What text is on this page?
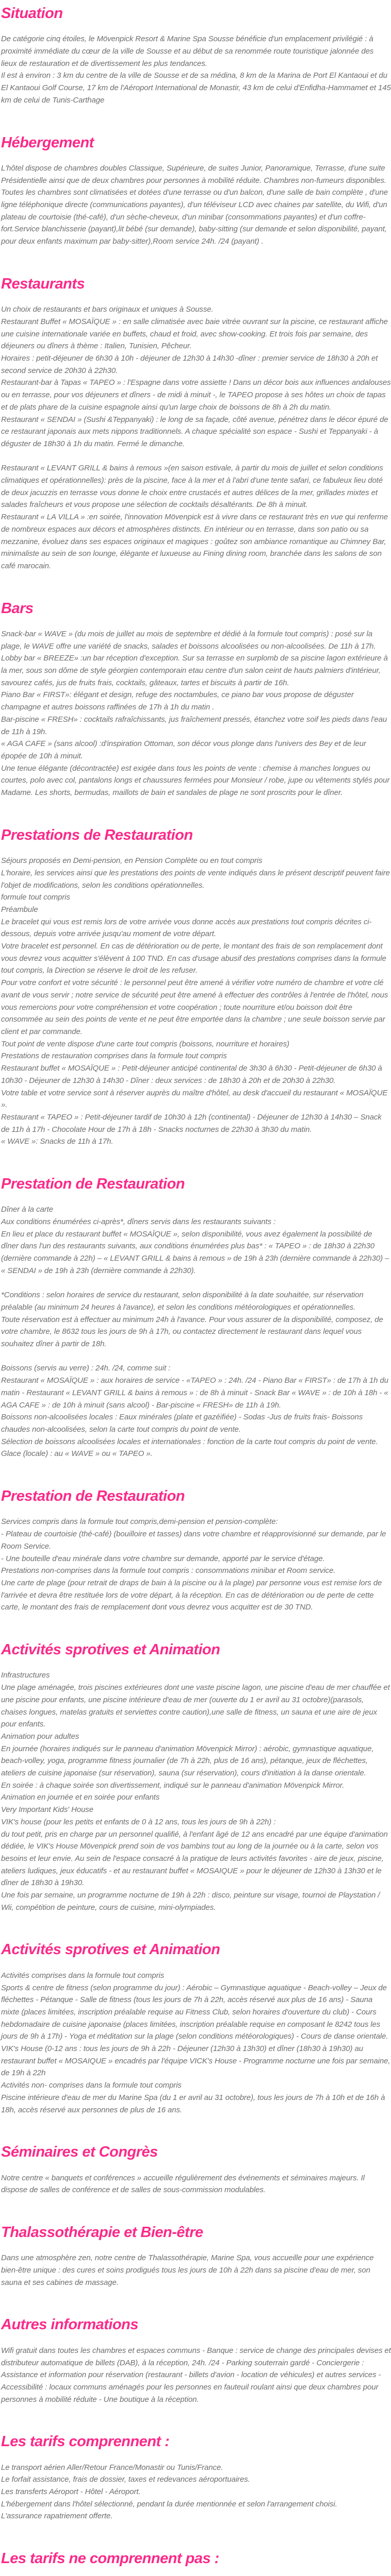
Situation

De catégorie cinq étoiles, le Mövenpick Resort & Marine Spa Sousse bénéficie d'un emplacement privilégié : à proximité immédiate du cœur de la ville de Sousse et au début de sa renommée route touristique jalonnée des lieux de restauration et de divertissement les plus tendances.

Il est à environ : 3 km du centre de la ville de Sousse et de sa médina, 8 km de la Marina de Port El Kantaoui et du El Kantaoui Golf Course, 17 km de l'Aéroport International de Monastir, 43 km de celui d'Enfidha-Hammamet et 145 km de celui de Tunis-Carthage

Hébergement

L'hôtel dispose de chambres doubles Classique, Supérieure, de suites Junior, Panoramique, Terrasse, d'une suite Présidentielle ainsi que de deux chambres pour personnes à mobilité réduite. Chambres non-fumeurs disponibles. Toutes les chambres sont climatisées et dotées d'une terrasse ou d'un balcon, d'une salle de bain complète , d'une ligne téléphonique directe (communications payantes), d'un téléviseur LCD avec chaines par satellite, du Wifi, d'un plateau de courtoisie (thé-café), d'un sèche-cheveux, d'un minibar (consommations payantes) et d'un coffre-fort.Service blanchisserie (payant),lit bébé (sur demande), baby-sitting (sur demande et selon disponibilité, payant, pour deux enfants maximum par baby-sitter),Room service 24h. /24 (payant) .

Restaurants

Un choix de restaurants et bars originaux et uniques à Sousse.

Restaurant Buffet « MOSAÏQUE » : en salle climatisée avec baie vitrée ouvrant sur la piscine, ce restaurant affiche une cuisine internationale variée en buffets, chaud et froid, avec show-cooking. Et trois fois par semaine, des déjeuners ou dîners à thème : Italien, Tunisien, Pêcheur.

Horaires : petit-déjeuner de 6h30 à 10h - déjeuner de 12h30 à 14h30 -dîner : premier service de 18h30 à 20h et second service de 20h30 à 22h30.

Restaurant-bar à Tapas « TAPEO » : l'Espagne dans votre assiette ! Dans un décor bois aux influences andalouses ou en terrasse, pour vos déjeuners et dîners - de midi à minuit -, le TAPEO propose à ses hôtes un choix de tapas et de plats phare de la cuisine espagnole ainsi qu'un large choix de boissons de 8h à 2h du matin.

Restaurant « SENDAI » (Sushi &Teppanyaki) : le long de sa façade, côté avenue, pénétrez dans le décor épuré de ce restaurant japonais aux mets nippons traditionnels. A chaque spécialité son espace - Sushi et Teppanyaki - à déguster de 18h30 à 1h du matin. Fermé le dimanche.

Restaurant « LEVANT GRILL & bains à remous »(en saison estivale, à partir du mois de juillet et selon conditions climatiques et opérationnelles): près de la piscine, face à la mer et à l'abri d'une tente safari, ce fabuleux lieu doté de deux jacuzzis en terrasse vous donne le choix entre crustacés et autres délices de la mer, grillades mixtes et salades fraîcheurs et vous propose une sélection de cocktails désaltérants. De 8h à minuit.

Restaurant « LA VILLA » :en soirée, l'innovation Mövenpick est à vivre dans ce restaurant très en vue qui renferme de nombreux espaces aux décors et atmosphères distincts. En intérieur ou en terrasse, dans son patio ou sa mezzanine, évoluez dans ses espaces originaux et magiques : goûtez son ambiance romantique au Chimney Bar, minimaliste au sein de son lounge, élégante et luxueuse au Fining dining room, branchée dans les salons de son café marocain.

Bars

Snack-bar « WAVE » (du mois de juillet au mois de septembre et dédié à la formule tout compris) : posé sur la plage, le WAVE offre une variété de snacks, salades et boissons alcoolisées ou non-alcoolisées. De 11h à 17h.

Lobby bar « BREEZE» :un bar réception d'exception. Sur sa terrasse en surplomb de sa piscine lagon extérieure à la mer, sous son dôme de style géorgien contemporain etau centre d'un salon ceint de hauts palmiers d'intérieur, savourez cafés, jus de fruits frais, cocktails, gâteaux, tartes et biscuits à partir de 16h.

Piano Bar « FIRST»: élégant et design, refuge des noctambules, ce piano bar vous propose de déguster champagne et autres boissons raffinées de 17h à 1h du matin .

Bar-piscine « FRESH» : cocktails rafraîchissants, jus fraîchement pressés, étanchez votre soif les pieds dans l'eau de 11h à 19h.

« AGA CAFE » (sans alcool) :d'inspiration Ottoman, son décor vous plonge dans l'univers des Bey et de leur épopée de 10h à minuit.

Une tenue élégante (décontractée) est exigée dans tous les points de vente : chemise à manches longues ou courtes, polo avec col, pantalons longs et chaussures fermées pour Monsieur / robe, jupe ou vêtements stylés pour Madame. Les shorts, bermudas, maillots de bain et sandales de plage ne sont proscrits pour le dîner.

Prestations de Restauration

Séjours proposés en Demi-pension, en Pension Complète ou en tout compris

L'horaire, les services ainsi que les prestations des points de vente indiqués dans le présent descriptif peuvent faire l'objet de modifications, selon les conditions opérationnelles.

formule tout compris

Préambule

Le bracelet qui vous est remis lors de votre arrivée vous donne accès aux prestations tout compris décrites ci-dessous, depuis votre arrivée jusqu'au moment de votre départ.

Votre bracelet est personnel. En cas de détérioration ou de perte, le montant des frais de son remplacement dont vous devrez vous acquitter s'élèvent à 100 TND. En cas d'usage abusif des prestations comprises dans la formule tout compris, la Direction se réserve le droit de les refuser.

Pour votre confort et votre sécurité : le personnel peut être amené à vérifier votre numéro de chambre et votre clé avant de vous servir ; notre service de sécurité peut être amené à effectuer des contrôles à l'entrée de l'hôtel, nous vous remercions pour votre compréhension et votre coopération ; toute nourriture et/ou boisson doit être consommée au sein des points de vente et ne peut être emportée dans la chambre ; une seule boisson servie par client et par commande.

Tout point de vente dispose d'une carte tout compris (boissons, nourriture et horaires)

Prestations de restauration comprises dans la formule tout compris

Restaurant buffet « MOSAÏQUE » : Petit-déjeuner anticipé continental de 3h30 à 6h30 - Petit-déjeuner de 6h30 à 10h30 - Déjeuner de 12h30 à 14h30 - Dîner : deux services : de 18h30 à 20h et de 20h30 à 22h30.

Votre table et votre service sont à réserver auprès du maître d'hôtel, au desk d'accueil du restaurant « MOSAÏQUE ».

Restaurant « TAPEO » : Petit-déjeuner tardif de 10h30 à 12h (continental) - Déjeuner de 12h30 à 14h30 – Snack de 11h à 17h - Chocolate Hour de 17h à 18h - Snacks nocturnes de 22h30 à 3h30 du matin.

« WAVE »: Snacks de 11h à 17h.

Prestation de Restauration

Dîner à la carte

Aux conditions énumérées ci-après*, dîners servis dans les restaurants suivants :

En lieu et place du restaurant buffet « MOSAÏQUE », selon disponibilité, vous avez également la possibilité de dîner dans l'un des restaurants suivants, aux conditions énumérées plus bas* : « TAPEO » : de 18h30 à 22h30 (dernière commande à 22h) – « LEVANT GRILL & bains à remous » de 19h à 23h (dernière commande à 22h30) – « SENDAI » de 19h à 23h (dernière commande à 22h30).

*Conditions : selon horaires de service du restaurant, selon disponibilité à la date souhaitée, sur réservation préalable (au minimum 24 heures à l'avance), et selon les conditions météorologiques et opérationnelles.

Toute réservation est à effectuer au minimum 24h à l'avance. Pour vous assurer de la disponibilité, composez, de votre chambre, le 8632 tous les jours de 9h à 17h, ou contactez directement le restaurant dans lequel vous souhaitez dîner à partir de 18h.

Boissons (servis au verre) : 24h. /24, comme suit :

Restaurant « MOSAÏQUE » : aux horaires de service - «TAPEO » : 24h. /24 - Piano Bar « FIRST» : de 17h à 1h du matin - Restaurant « LEVANT GRILL & bains à remous » : de 8h à minuit - Snack Bar « WAVE » : de 10h à 18h - « AGA CAFE » : de 10h à minuit (sans alcool) - Bar-piscine « FRESH» de 11h à 19h.

Boissons non-alcoolisées locales : Eaux minérales (plate et gazéifiée) - Sodas -Jus de fruits frais- Boissons chaudes non-alcoolisées, selon la carte tout compris du point de vente.

Sélection de boissons alcoolisées locales et internationales : fonction de la carte tout compris du point de vente.

Glace (locale) : au « WAVE » ou « TAPEO ».

Prestation de Restauration

Services compris dans la formule tout compris,demi-pension et pension-complète:

- Plateau de courtoisie (thé-café) (bouilloire et tasses) dans votre chambre et réapprovisionné sur demande, par le Room Service.

- Une bouteille d'eau minérale dans votre chambre sur demande, apporté par le service d'étage.

Prestations non-comprises dans la formule tout compris : consommations minibar et Room service.

Une carte de plage (pour retrait de draps de bain à la piscine ou à la plage) par personne vous est remise lors de l'arrivée et devra être restituée lors de votre départ, à la réception. En cas de détérioration ou de perte de cette carte, le montant des frais de remplacement dont vous devrez vous acquitter est de 30 TND.

Activités sprotives et Animation

Infrastructures

Une plage aménagée, trois piscines extérieures dont une vaste piscine lagon, une piscine d'eau de mer chauffée et une piscine pour enfants, une piscine intérieure d'eau de mer (ouverte du 1 er avril au 31 octobre)(parasols, chaises longues, matelas gratuits et serviettes contre caution),une salle de fitness, un sauna et une aire de jeux pour enfants.

Animation pour adultes

En journée (horaires indiqués sur le panneau d'animation Mövenpick Mirror) : aérobic, gymnastique aquatique, beach-volley, yoga, programme fitness journalier (de 7h à 22h, plus de 16 ans), pétanque, jeux de fléchettes, ateliers de cuisine japonaise (sur réservation), sauna (sur réservation), cours d'initiation à la danse orientale.

En soirée : à chaque soirée son divertissement, indiqué sur le panneau d'animation Mövenpick Mirror.

Animation en journée et en soirée pour enfants

Very Important Kids' House

VIK's house (pour les petits et enfants de 0 à 12 ans, tous les jours de 9h à 22h) :

du tout petit, pris en charge par un personnel qualifié, à l'enfant âgé de 12 ans encadré par une équipe d'animation dédiée, le VIK's House Mövenpick prend soin de vos bambins tout au long de la journée ou à la carte, selon vos besoins et leur envie. Au sein de l'espace consacré à la pratique de leurs activités favorites - aire de jeux, piscine, ateliers ludiques, jeux éducatifs - et au restaurant buffet « MOSAIQUE » pour le déjeuner de 12h30 à 13h30 et le dîner de 18h30 à 19h30.

Une fois par semaine, un programme nocturne de 19h à 22h : disco, peinture sur visage, tournoi de Playstation / Wii, compétition de peinture, cours de cuisine, mini-olympiades.

Activités sprotives et Animation

Activités comprises dans la formule tout compris

Sports & centre de fitness (selon programme du jour) : Aérobic – Gymnastique aquatique - Beach-volley – Jeux de fléchettes - Pétanque - Salle de fitness (tous les jours de 7h à 22h, accès réservé aux plus de 16 ans) - Sauna mixte (places limitées, inscription préalable requise au Fitness Club, selon horaires d'ouverture du club) - Cours hebdomadaire de cuisine japonaise (places limitées, inscription préalable requise en composant le 8242 tous les jours de 9h à 17h) - Yoga et méditation sur la plage (selon conditions météorologiques) - Cours de danse orientale.

VIK's House (0-12 ans : tous les jours de 9h à 22h - Déjeuner (12h30 à 13h30) et dîner (18h30 à 19h30) au restaurant buffet « MOSAIQUE » encadrés par l'équipe VICK's House - Programme nocturne une fois par semaine, de 19h à 22h

Activités non- comprises dans la formule tout compris

Piscine intérieure d'eau de mer du Marine Spa (du 1 er avril au 31 octobre), tous les jours de 7h à 10h et de 16h à 18h, accès réservé aux personnes de plus de 16 ans.

Séminaires et Congrès

Notre centre « banquets et conférences » accueille régulièrement des événements et séminaires majeurs. Il dispose de salles de conférence et de salles de sous-commission modulables.

Thalassothérapie et Bien-être

Dans une atmosphère zen, notre centre de Thalassothérapie, Marine Spa, vous accueille pour une expérience bien-être unique : des cures et soins prodigués tous les jours de 10h à 22h dans sa piscine d'eau de mer, son sauna et ses cabines de massage.

Autres informations

Wifi gratuit dans toutes les chambres et espaces communs - Banque : service de change des principales devises et distributeur automatique de billets (DAB), à la réception, 24h. /24 - Parking souterrain gardé - Conciergerie : Assistance et information pour réservation (restaurant - billets d'avion - location de véhicules) et autres services - Accessibilité : locaux communs aménagés pour les personnes en fauteuil roulant ainsi que deux chambres pour personnes à mobilité réduite - Une boutique à la réception.

Les tarifs comprennent :

Le transport aérien Aller/Retour France/Monastir ou Tunis/France.

Le forfait assistance, frais de dossier, taxes et redevances aéroportuaires.

Les transferts Aéroport - Hôtel - Aéroport.

L'hébergement dans l'hôtel sélectionné, pendant la durée mentionnée et selon l'arrangement choisi.

L'assurance rapatriement offerte.

Les tarifs ne comprennent pas :
